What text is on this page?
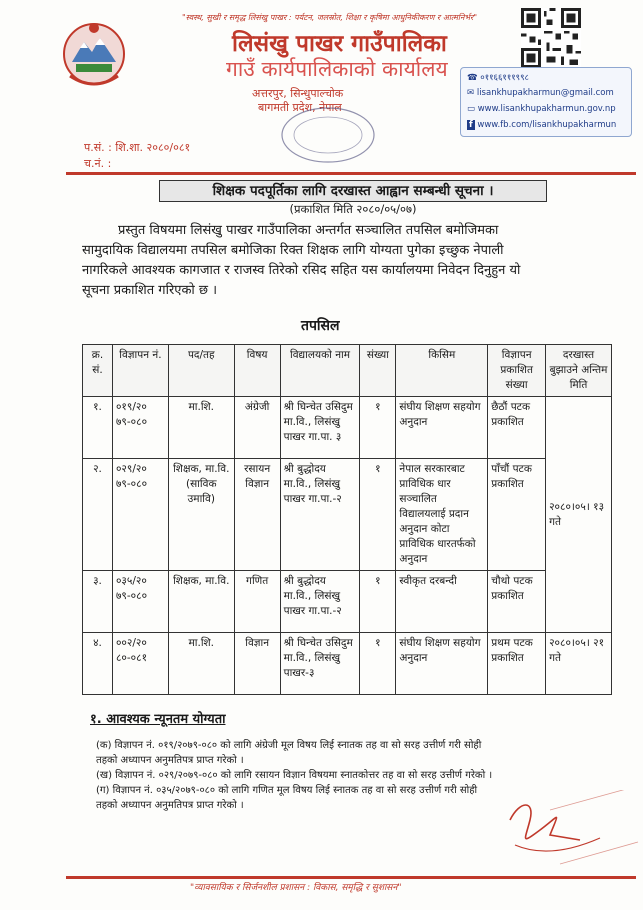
"स्वस्थ, सुखी र समृद्ध लिसंखु पाखर : पर्यटन, जलस्रोत, शिक्षा र कृषिमा आधुनिकीकरण र आत्मनिर्भर"
लिसंखु पाखर गाउँपालिका
गाउँ कार्यपालिकाको कार्यालय
अत्तरपुर, सिन्धुपाल्चोक
बागमती प्रदेश, नेपाल
☎ ०११६६१११९९८
✉ lisankhupakharmun@gmail.com
▭ www.lisankhupakharmun.gov.np
f www.fb.com/lisankhupakharmun
प.सं. : शि.शा. २०८०/०८१
च.नं. :
शिक्षक पदपूर्तिका लागि दरखास्त आह्वान सम्बन्धी सूचना ।
(प्रकाशित मिति २०८०/०५/०७)
प्रस्तुत विषयमा लिसंखु पाखर गाउँपालिका अन्तर्गत सञ्चालित तपसिल बमोजिमका
सामुदायिक विद्यालयमा तपसिल बमोजिका रिक्त शिक्षक लागि योग्यता पुगेका इच्छुक नेपाली
नागरिकले आवश्यक कागजात र राजस्व तिरेको रसिद सहित यस कार्यालयमा निवेदन दिनुहुन यो
सूचना प्रकाशित गरिएको छ ।
तपसिल
क्र. सं.	विज्ञापन नं.	पद/तह	विषय	विद्यालयको नाम	संख्या	किसिम	विज्ञापन प्रकाशित संख्या	दरखास्त बुझाउने अन्तिम मिति
१.	०१९/२० ७९-०८०	मा.शि.	अंग्रेजी	श्री घिन्चेत उसिदुम मा.वि., लिसंखु पाखर गा.पा. ३	१	संघीय शिक्षण सहयोग अनुदान	छैठौं पटक प्रकाशित	२०८०।०५। १३ गते
२.	०२९/२० ७९-०८०	शिक्षक, मा.वि. (साविक उमावि)	रसायन विज्ञान	श्री बुद्धोदय मा.वि., लिसंखु पाखर गा.पा.-२	१	नेपाल सरकारबाट प्राविधिक धार सञ्चालित विद्यालयलाई प्रदान अनुदान कोटा प्राविधिक धारतर्फको अनुदान	पाँचौं पटक प्रकाशित	
३.	०३५/२० ७९-०८०	शिक्षक, मा.वि.	गणित	श्री बुद्धोदय मा.वि., लिसंखु पाखर गा.पा.-२	१	स्वीकृत दरबन्दी	चौथो पटक प्रकाशित	
४.	००२/२० ८०-०८१	मा.शि.	विज्ञान	श्री घिन्चेत उसिदुम मा.वि., लिसंखु पाखर-३	१	संघीय शिक्षण सहयोग अनुदान	प्रथम पटक प्रकाशित	२०८०।०५। २१ गते
१. आवश्यक न्यूनतम योग्यता
(क) विज्ञापन नं. ०१९/२०७९-०८० को लागि अंग्रेजी मूल विषय लिई स्नातक तह वा सो सरह उत्तीर्ण गरी सोही
तहको अध्यापन अनुमतिपत्र प्राप्त गरेको ।
(ख) विज्ञापन नं. ०२९/२०७९-०८० को लागि रसायन विज्ञान विषयमा स्नातकोत्तर तह वा सो सरह उत्तीर्ण गरेको ।
(ग) विज्ञापन नं. ०३५/२०७९-०८० को लागि गणित मूल विषय लिई स्नातक तह वा सो सरह उत्तीर्ण गरी सोही
तहको अध्यापन अनुमतिपत्र प्राप्त गरेको ।
"व्यावसायिक र सिर्जनशील प्रशासन : विकास, समृद्धि र सुशासन"
